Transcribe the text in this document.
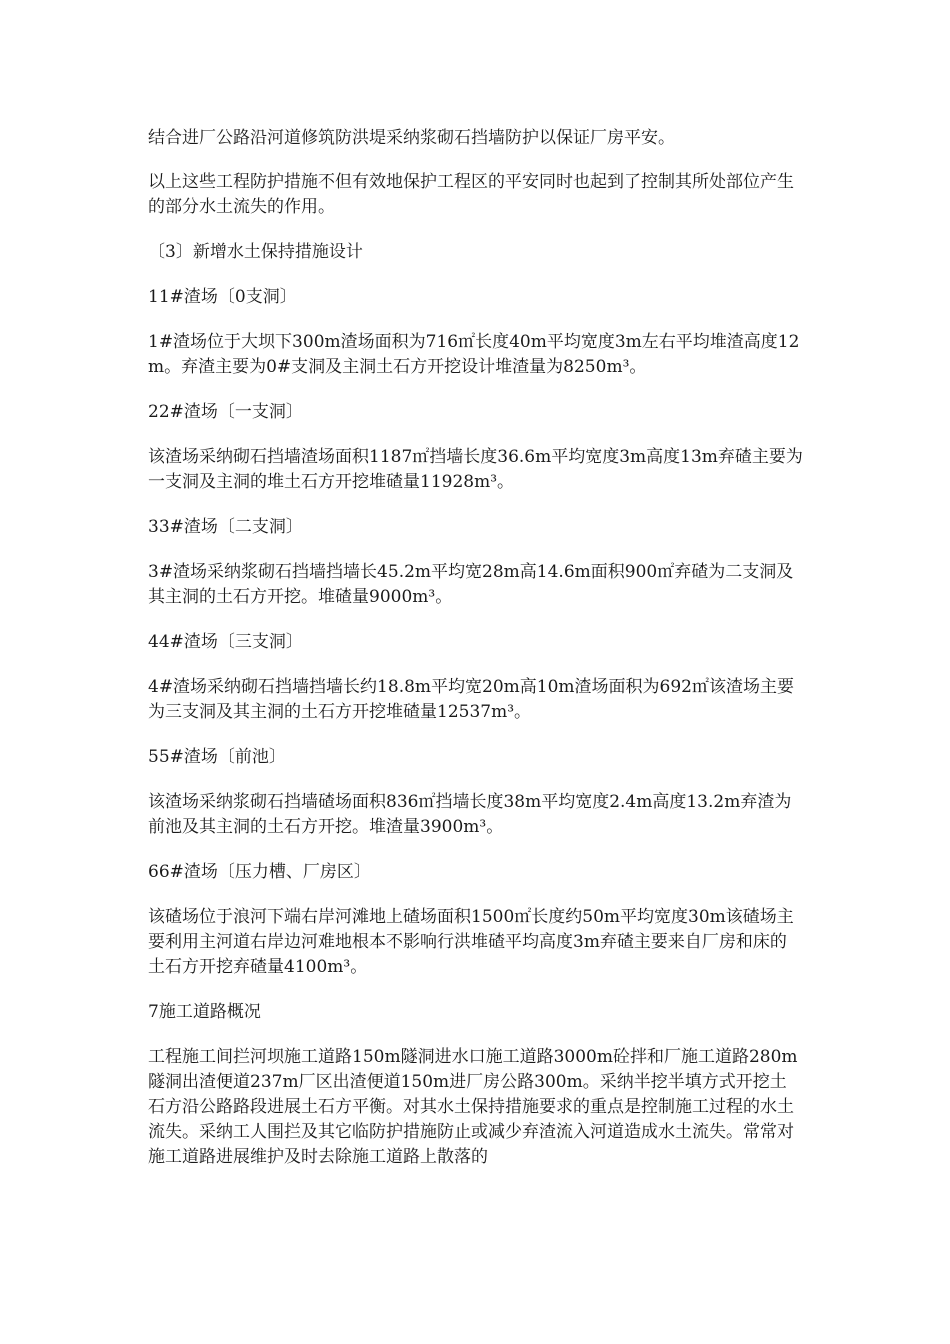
结合进厂公路沿河道修筑防洪堤采纳浆砌石挡墙防护以保证厂房平安。

以上这些工程防护措施不但有效地保护工程区的平安同时也起到了控制其所处部位产生的部分水土流失的作用。

〔3〕新增水土保持措施设计

11#渣场〔0支洞〕

1#渣场位于大坝下300m渣场面积为716㎡长度40m平均宽度3m左右平均堆渣高度12m。弃渣主要为0#支洞及主洞土石方开挖设计堆渣量为8250m³。

22#渣场〔一支洞〕

该渣场采纳砌石挡墙渣场面积1187㎡挡墙长度36.6m平均宽度3m高度13m弃碴主要为一支洞及主洞的堆土石方开挖堆碴量11928m³。

33#渣场〔二支洞〕

3#渣场采纳浆砌石挡墙挡墙长45.2m平均宽28m高14.6m面积900㎡弃碴为二支洞及其主洞的土石方开挖。堆碴量9000m³。

44#渣场〔三支洞〕

4#渣场采纳砌石挡墙挡墙长约18.8m平均宽20m高10m渣场面积为692㎡该渣场主要为三支洞及其主洞的土石方开挖堆碴量12537m³。

55#渣场〔前池〕

该渣场采纳浆砌石挡墙碴场面积836㎡挡墙长度38m平均宽度2.4m高度13.2m弃渣为前池及其主洞的土石方开挖。堆渣量3900m³。

66#渣场〔压力槽、厂房区〕

该碴场位于浪河下端右岸河滩地上碴场面积1500㎡长度约50m平均宽度30m该碴场主要利用主河道右岸边河难地根本不影响行洪堆碴平均高度3m弃碴主要来自厂房和床的土石方开挖弃碴量4100m³。

7施工道路概况

工程施工间拦河坝施工道路150m隧洞进水口施工道路3000m砼拌和厂施工道路280m隧洞出渣便道237m厂区出渣便道150m进厂房公路300m。采纳半挖半填方式开挖土石方沿公路路段进展土石方平衡。对其水土保持措施要求的重点是控制施工过程的水土流失。采纳工人围拦及其它临防护措施防止或减少弃渣流入河道造成水土流失。常常对施工道路进展维护及时去除施工道路上散落的
